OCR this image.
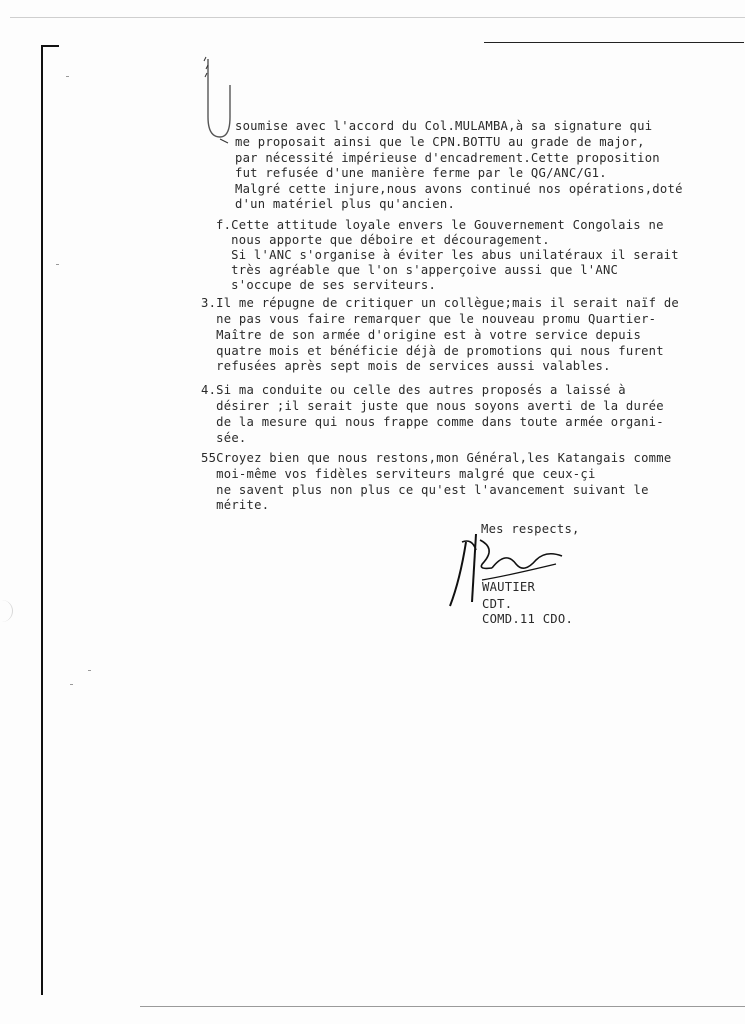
soumise avec l'accord du Col.MULAMBA,à sa signature qui

me proposait ainsi que le CPN.BOTTU au grade de major,

par nécessité impérieuse d'encadrement.Cette proposition

fut refusée d'une manière ferme par le QG/ANC/G1.

Malgré cette injure,nous avons continué nos opérations,doté

d'un matériel plus qu'ancien.

f.Cette attitude loyale envers le Gouvernement Congolais ne

nous apporte que déboire et découragement.

Si l'ANC s'organise à éviter les abus unilatéraux il serait

très agréable que l'on s'apperçoive aussi que l'ANC

s'occupe de ses serviteurs.

3.Il me répugne de critiquer un collègue;mais il serait naïf de

ne pas vous faire remarquer que le nouveau promu Quartier-

Maître de son armée d'origine est à votre service depuis

quatre mois et bénéficie déjà de promotions qui nous furent

refusées après sept mois de services aussi valables.

4.Si ma conduite ou celle des autres proposés a laissé à

désirer ;il serait juste que nous soyons averti de la durée

de la mesure qui nous frappe comme dans toute armée organi-

sée.

55Croyez bien que nous restons,mon Général,les Katangais comme

moi-même vos fidèles serviteurs malgré que ceux-çi

ne savent plus non plus ce qu'est l'avancement suivant le

mérite.

Mes respects,

WAUTIER

CDT.

COMD.11 CDO.
